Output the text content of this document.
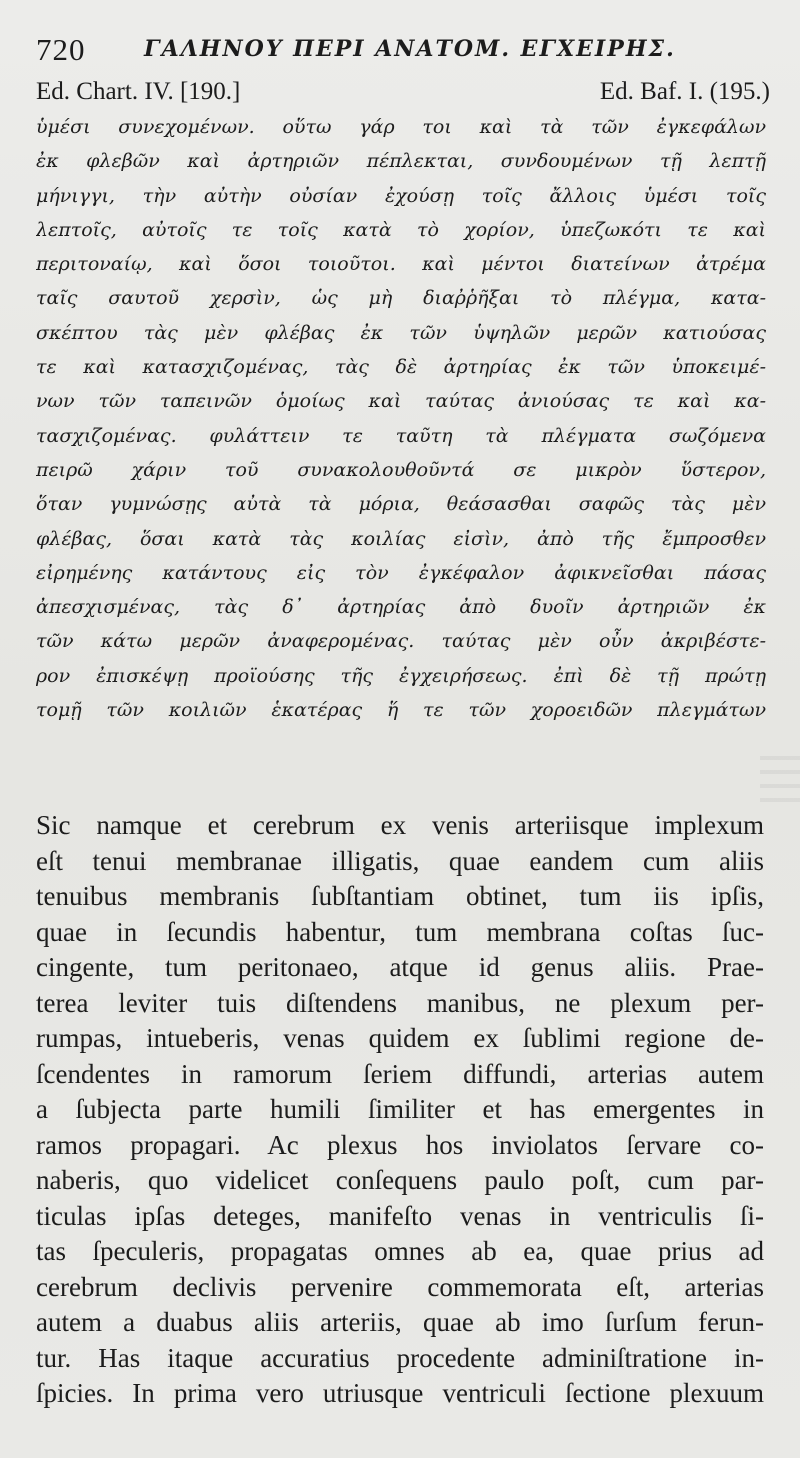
720	ΓΑΛΗΝΟΥ ΠΕΡΙ ΑΝΑΤΟΜ. ΕΓΧΕΙΡΗΣ.
Ed. Chart. IV. [190.]	Ed. Baf. I. (195.)
ὑμέσι συνεχομένων. οὕτω γάρ τοι καὶ τὰ τῶν ἐγκεφάλων
ἐκ φλεβῶν καὶ ἀρτηριῶν πέπλεκται, συνδουμένων τῇ λεπτῇ
μήνιγγι, τὴν αὐτὴν οὐσίαν ἐχούσῃ τοῖς ἄλλοις ὑμέσι τοῖς
λεπτοῖς, αὐτοῖς τε τοῖς κατὰ τὸ χορίον, ὑπεζωκότι τε καὶ
περιτοναίῳ, καὶ ὅσοι τοιοῦτοι. καὶ μέντοι διατείνων ἀτρέμα
ταῖς σαυτοῦ χερσὶν, ὡς μὴ διαῤῥῆξαι τὸ πλέγμα, κατα-
σκέπτου τὰς μὲν φλέβας ἐκ τῶν ὑψηλῶν μερῶν κατιούσας
τε καὶ κατασχιζομένας, τὰς δὲ ἀρτηρίας ἐκ τῶν ὑποκειμέ-
νων τῶν ταπεινῶν ὁμοίως καὶ ταύτας ἀνιούσας τε καὶ κα-
τασχιζομένας. φυλάττειν τε ταῦτη τὰ πλέγματα σωζόμενα
πειρῶ χάριν τοῦ συνακολουθοῦντά σε μικρὸν ὕστερον,
ὅταν γυμνώσῃς αὐτὰ τὰ μόρια, θεάσασθαι σαφῶς τὰς μὲν
φλέβας, ὅσαι κατὰ τὰς κοιλίας εἰσὶν, ἀπὸ τῆς ἔμπροσθεν
εἰρημένης κατάντους εἰς τὸν ἐγκέφαλον ἀφικνεῖσθαι πάσας
ἀπεσχισμένας, τὰς δ᾽ ἀρτηρίας ἀπὸ δυοῖν ἀρτηριῶν ἐκ
τῶν κάτω μερῶν ἀναφερομένας. ταύτας μὲν οὖν ἀκριβέστε-
ρον ἐπισκέψῃ προϊούσης τῆς ἐγχειρήσεως. ἐπὶ δὲ τῇ πρώτῃ
τομῇ τῶν κοιλιῶν ἑκατέρας ἥ τε τῶν χοροειδῶν πλεγμάτων
Sic namque et cerebrum ex venis arteriisque implexum
eſt tenui membranae illigatis, quae eandem cum aliis
tenuibus membranis ſubſtantiam obtinet, tum iis ipſis,
quae in ſecundis habentur, tum membrana coſtas ſuc-
cingente, tum peritonaeo, atque id genus aliis. Prae-
terea leviter tuis diſtendens manibus, ne plexum per-
rumpas, intueberis, venas quidem ex ſublimi regione de-
ſcendentes in ramorum ſeriem diffundi, arterias autem
a ſubjecta parte humili ſimiliter et has emergentes in
ramos propagari. Ac plexus hos inviolatos ſervare co-
naberis, quo videlicet conſequens paulo poſt, cum par-
ticulas ipſas deteges, manifeſto venas in ventriculis ſi-
tas ſpeculeris, propagatas omnes ab ea, quae prius ad
cerebrum declivis pervenire commemorata eſt, arterias
autem a duabus aliis arteriis, quae ab imo ſurſum ferun-
tur. Has itaque accuratius procedente adminiſtratione in-
ſpicies. In prima vero utriusque ventriculi ſectione plexuum
